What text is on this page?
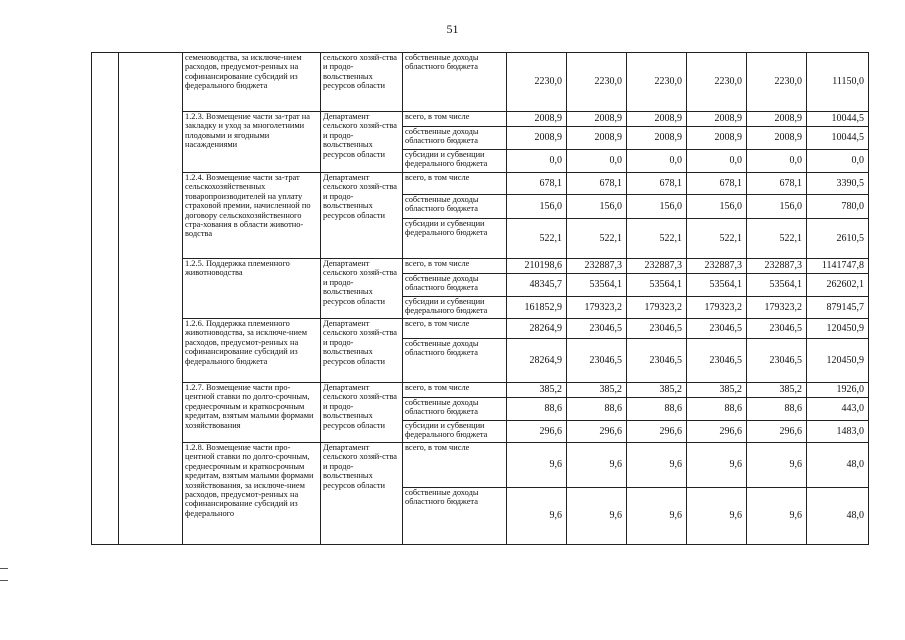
51
		семеноводства, за исключе-нием расходов, предусмот-ренных на софинансирование субсидий из федерального бюджета	сельского хозяй-ства и продо-вольственных ресурсов области	собственные доходы областного бюджета	2230,0	2230,0	2230,0	2230,0	2230,0	11150,0
		1.2.3. Возмещение части за-трат на закладку и уход за многолетними плодовыми и ягодными насаждениями	Департамент сельского хозяй-ства и продо-вольственных ресурсов области	всего, в том числе	2008,9	2008,9	2008,9	2008,9	2008,9	10044,5
				собственные доходы областного бюджета	2008,9	2008,9	2008,9	2008,9	2008,9	10044,5
				субсидии и субвенции федерального бюджета	0,0	0,0	0,0	0,0	0,0	0,0
		1.2.4. Возмещение части за-трат сельскохозяйственных товаропроизводителей на уплату страховой премии, начисленной по договору сельскохозяйственного стра-хования в области животно-водства	Департамент сельского хозяй-ства и продо-вольственных ресурсов области	всего, в том числе	678,1	678,1	678,1	678,1	678,1	3390,5
				собственные доходы областного бюджета	156,0	156,0	156,0	156,0	156,0	780,0
				субсидии и субвенции федерального бюджета	522,1	522,1	522,1	522,1	522,1	2610,5
		1.2.5. Поддержка племенного животноводства	Департамент сельского хозяй-ства и продо-вольственных ресурсов области	всего, в том числе	210198,6	232887,3	232887,3	232887,3	232887,3	1141747,8
				собственные доходы областного бюджета	48345,7	53564,1	53564,1	53564,1	53564,1	262602,1
				субсидии и субвенции федерального бюджета	161852,9	179323,2	179323,2	179323,2	179323,2	879145,7
		1.2.6. Поддержка племенного животноводства, за исключе-нием расходов, предусмот-ренных на софинансирование субсидий из федерального бюджета	Департамент сельского хозяй-ства и продо-вольственных ресурсов области	всего, в том числе	28264,9	23046,5	23046,5	23046,5	23046,5	120450,9
				собственные доходы областного бюджета	28264,9	23046,5	23046,5	23046,5	23046,5	120450,9
		1.2.7. Возмещение части про-центной ставки по долго-срочным, среднесрочным и краткосрочным кредитам, взятым малыми формами хозяйствования	Департамент сельского хозяй-ства и продо-вольственных ресурсов области	всего, в том числе	385,2	385,2	385,2	385,2	385,2	1926,0
				собственные доходы областного бюджета	88,6	88,6	88,6	88,6	88,6	443,0
				субсидии и субвенции федерального бюджета	296,6	296,6	296,6	296,6	296,6	1483,0
		1.2.8. Возмещение части про-центной ставки по долго-срочным, среднесрочным и краткосрочным кредитам, взятым малыми формами хозяйствования, за исключе-нием расходов, предусмот-ренных на софинансирование субсидий из федерального	Департамент сельского хозяй-ства и продо-вольственных ресурсов области	всего, в том числе	9,6	9,6	9,6	9,6	9,6	48,0
				собственные доходы областного бюджета	9,6	9,6	9,6	9,6	9,6	48,0
